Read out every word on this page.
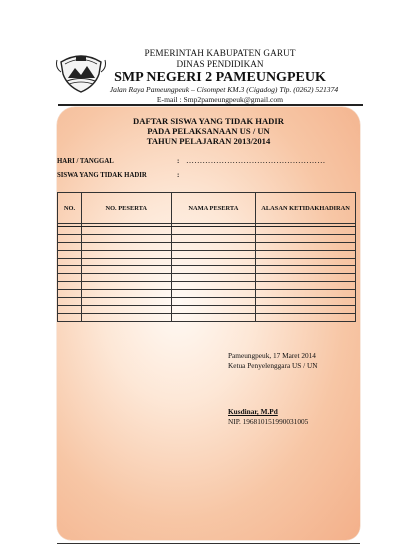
PEMERINTAH KABUPATEN GARUT
DINAS PENDIDIKAN
SMP NEGERI 2 PAMEUNGPEUK
Jalan Raya Pameungpeuk – Cisompet KM.3 (Cigadog) Tlp. (0262) 521374
E-mail : Smp2pameungpeuk@gmail.com
DAFTAR SISWA YANG TIDAK HADIR
PADA PELAKSANAAN US / UN
TAHUN PELAJARAN 2013/2014
HARI / TANGGAL	: ……………………………………………
SISWA YANG TIDAK HADIR	:
NO.	NO. PESERTA	NAMA PESERTA	ALASAN KETIDAKHADIRAN

Pameungpeuk, 17 Maret 2014
Ketua Penyelenggara US / UN
Kusdinar, M.Pd
NIP. 196810151990031005
